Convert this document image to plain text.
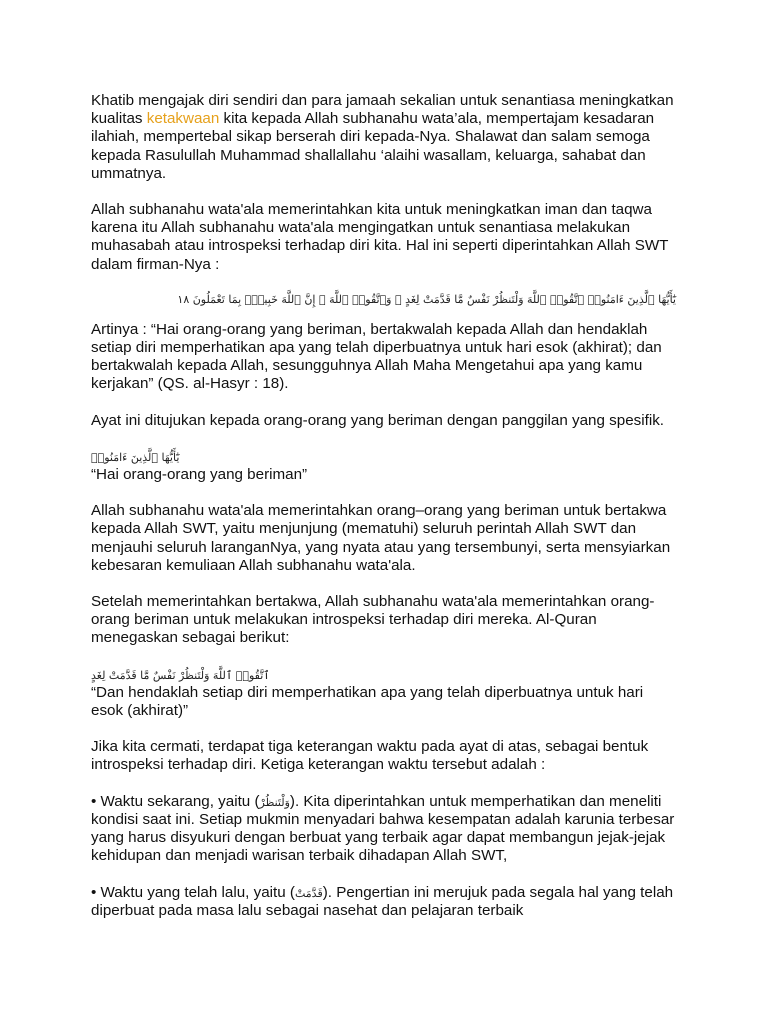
Khatib mengajak diri sendiri dan para jamaah sekalian untuk senantiasa meningkatkan
kualitas ketakwaan kita kepada Allah subhanahu wata’ala, mempertajam kesadaran ilahiah, mempertebal sikap berserah diri kepada-Nya. Shalawat dan salam semoga kepada Rasulullah Muhammad shallallahu ‘alaihi wasallam, keluarga, sahabat dan ummatnya.

Allah subhanahu wata'ala memerintahkan kita untuk meningkatkan iman dan taqwa karena itu Allah subhanahu wata'ala mengingatkan untuk senantiasa melakukan muhasabah atau introspeksi terhadap diri kita. Hal ini seperti diperintahkan Allah SWT dalam firman-Nya :

يَٰٓأَيُّهَا ٱلَّذِينَ ءَامَنُوا۟ ٱتَّقُوا۟ ٱللَّهَ وَلْتَنظُرْ نَفْسٌ مَّا قَدَّمَتْ لِغَدٍ ۖ وَٱتَّقُوا۟ ٱللَّهَ ۚ إِنَّ ٱللَّهَ خَبِيرٌۢ بِمَا تَعْمَلُونَ ١٨

Artinya : “Hai orang-orang yang beriman, bertakwalah kepada Allah dan hendaklah setiap diri memperhatikan apa yang telah diperbuatnya untuk hari esok (akhirat); dan bertakwalah kepada Allah, sesungguhnya Allah Maha Mengetahui apa yang kamu kerjakan” (QS. al-Hasyr : 18).

Ayat ini ditujukan kepada orang-orang yang beriman dengan panggilan yang spesifik.

يَٰٓأَيُّهَا ٱلَّذِينَ ءَامَنُوا۟

“Hai orang-orang yang beriman”

Allah subhanahu wata'ala memerintahkan orang–orang yang beriman untuk bertakwa kepada Allah SWT, yaitu menjunjung (mematuhi) seluruh perintah Allah SWT dan menjauhi seluruh laranganNya, yang nyata atau yang tersembunyi, serta mensyiarkan kebesaran kemuliaan Allah subhanahu wata'ala.

Setelah memerintahkan bertakwa, Allah subhanahu wata'ala memerintahkan orang-orang beriman untuk melakukan introspeksi terhadap diri mereka. Al-Quran menegaskan sebagai berikut:

ٱتَّقُوا۟ ٱللَّهَ وَلْتَنظُرْ نَفْسٌ مَّا قَدَّمَتْ لِغَدٍ

“Dan hendaklah setiap diri memperhatikan apa yang telah diperbuatnya untuk hari esok (akhirat)”

Jika kita cermati, terdapat tiga keterangan waktu pada ayat di atas, sebagai bentuk introspeksi terhadap diri. Ketiga keterangan waktu tersebut adalah :

• Waktu sekarang, yaitu (وَلْتَنظُرْ). Kita diperintahkan untuk memperhatikan dan meneliti kondisi saat ini. Setiap mukmin menyadari bahwa kesempatan adalah karunia terbesar yang harus disyukuri dengan berbuat yang terbaik agar dapat membangun jejak-jejak kehidupan dan menjadi warisan terbaik dihadapan Allah SWT,

• Waktu yang telah lalu, yaitu (قَدَّمَتْ). Pengertian ini merujuk pada segala hal yang telah diperbuat pada masa lalu sebagai nasehat dan pelajaran terbaik
